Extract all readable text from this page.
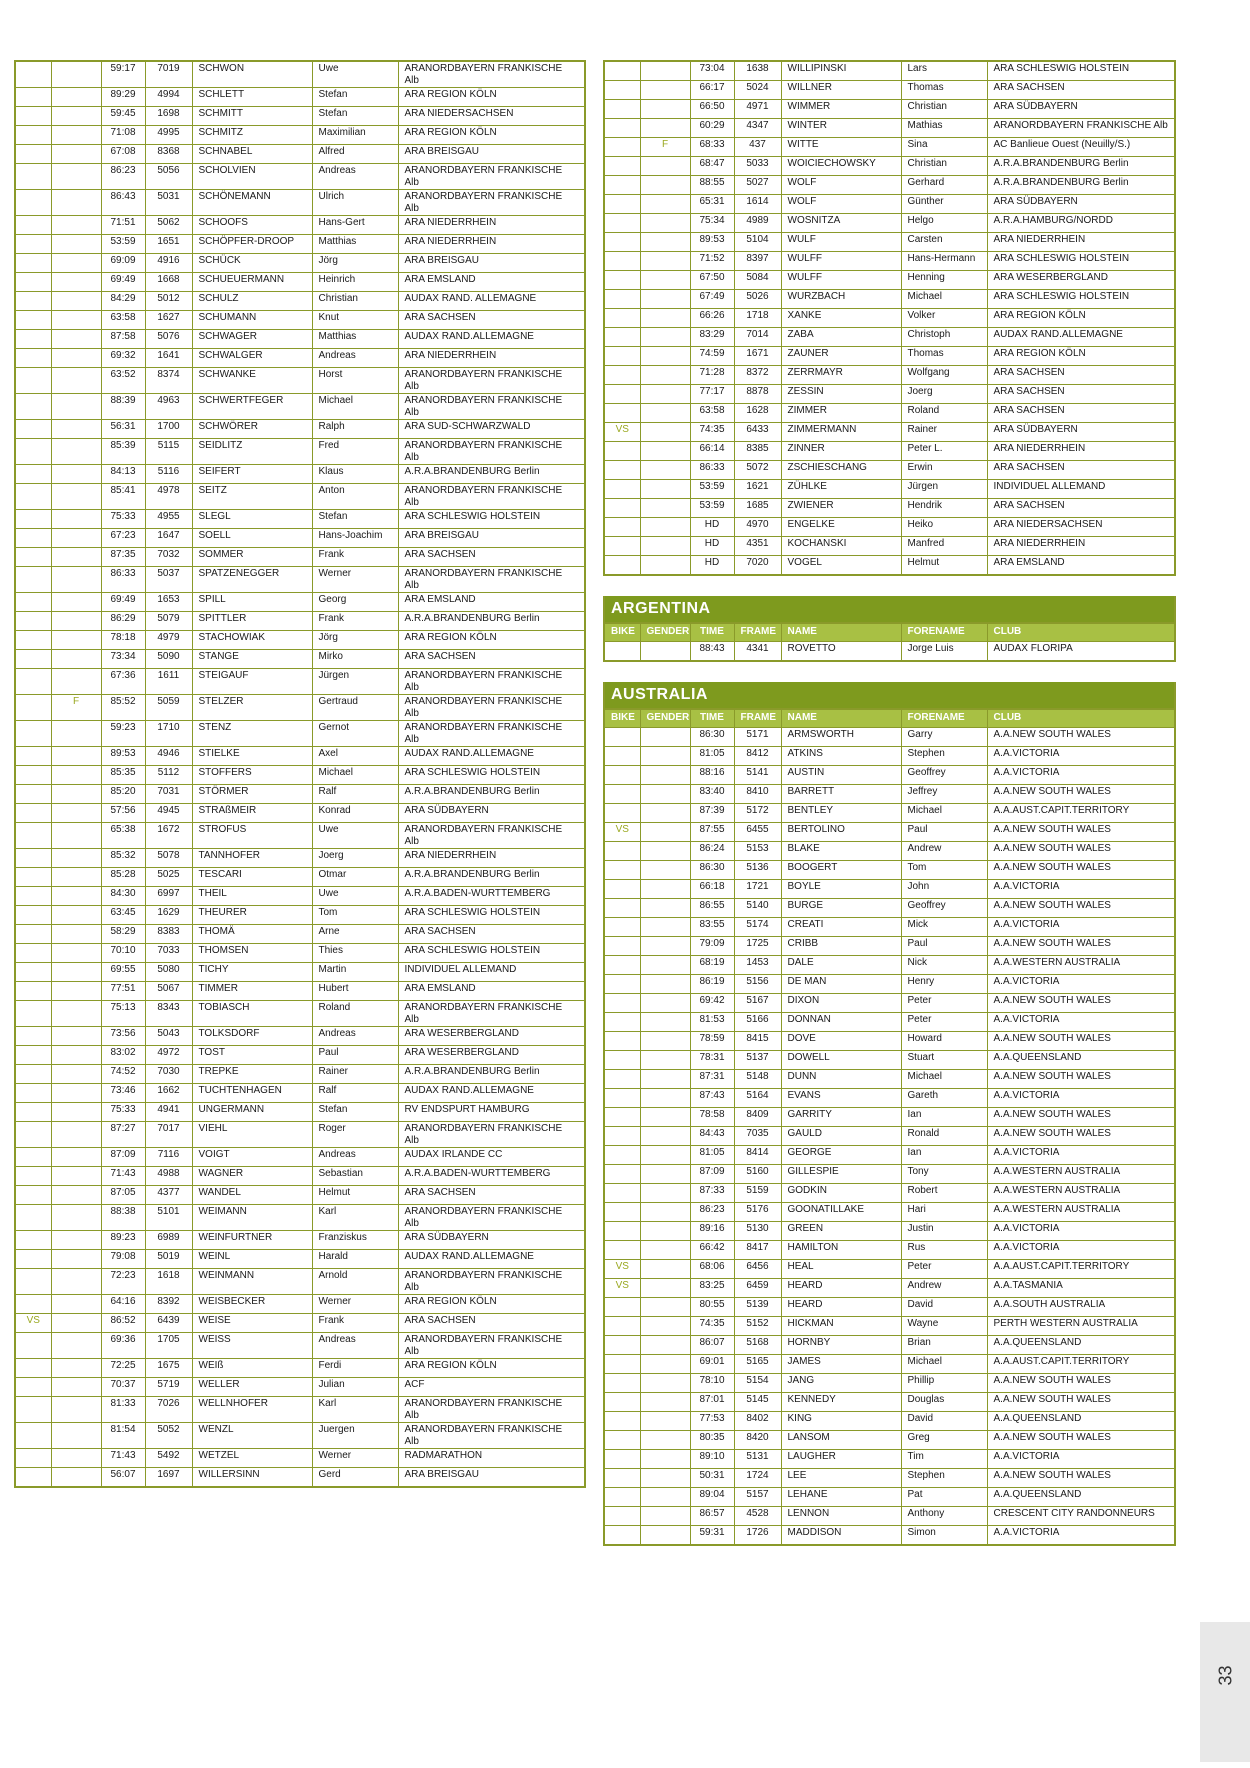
		59:17	7019	SCHWON	Uwe	ARANORDBAYERN FRANKISCHE Alb
		89:29	4994	SCHLETT	Stefan	ARA REGION KÖLN
		59:45	1698	SCHMITT	Stefan	ARA NIEDERSACHSEN
		71:08	4995	SCHMITZ	Maximilian	ARA REGION KÖLN
		67:08	8368	SCHNABEL	Alfred	ARA BREISGAU
		86:23	5056	SCHOLVIEN	Andreas	ARANORDBAYERN FRANKISCHE Alb
		86:43	5031	SCHÖNEMANN	Ulrich	ARANORDBAYERN FRANKISCHE Alb
		71:51	5062	SCHOOFS	Hans-Gert	ARA NIEDERRHEIN
		53:59	1651	SCHÖPFER-DROOP	Matthias	ARA NIEDERRHEIN
		69:09	4916	SCHÜCK	Jörg	ARA BREISGAU
		69:49	1668	SCHUEUERMANN	Heinrich	ARA EMSLAND
		84:29	5012	SCHULZ	Christian	AUDAX RAND. ALLEMAGNE
		63:58	1627	SCHUMANN	Knut	ARA SACHSEN
		87:58	5076	SCHWAGER	Matthias	AUDAX RAND.ALLEMAGNE
		69:32	1641	SCHWALGER	Andreas	ARA NIEDERRHEIN
		63:52	8374	SCHWANKE	Horst	ARANORDBAYERN FRANKISCHE Alb
		88:39	4963	SCHWERTFEGER	Michael	ARANORDBAYERN FRANKISCHE Alb
		56:31	1700	SCHWÖRER	Ralph	ARA SUD-SCHWARZWALD
		85:39	5115	SEIDLITZ	Fred	ARANORDBAYERN FRANKISCHE Alb
		84:13	5116	SEIFERT	Klaus	A.R.A.BRANDENBURG Berlin
		85:41	4978	SEITZ	Anton	ARANORDBAYERN FRANKISCHE Alb
		75:33	4955	SLEGL	Stefan	ARA SCHLESWIG HOLSTEIN
		67:23	1647	SOELL	Hans-Joachim	ARA BREISGAU
		87:35	7032	SOMMER	Frank	ARA SACHSEN
		86:33	5037	SPATZENEGGER	Werner	ARANORDBAYERN FRANKISCHE Alb
		69:49	1653	SPILL	Georg	ARA EMSLAND
		86:29	5079	SPITTLER	Frank	A.R.A.BRANDENBURG Berlin
		78:18	4979	STACHOWIAK	Jörg	ARA REGION KÖLN
		73:34	5090	STANGE	Mirko	ARA SACHSEN
		67:36	1611	STEIGAUF	Jürgen	ARANORDBAYERN FRANKISCHE Alb
	F	85:52	5059	STELZER	Gertraud	ARANORDBAYERN FRANKISCHE Alb
		59:23	1710	STENZ	Gernot	ARANORDBAYERN FRANKISCHE Alb
		89:53	4946	STIELKE	Axel	AUDAX RAND.ALLEMAGNE
		85:35	5112	STOFFERS	Michael	ARA SCHLESWIG HOLSTEIN
		85:20	7031	STÖRMER	Ralf	A.R.A.BRANDENBURG Berlin
		57:56	4945	STRAßMEIR	Konrad	ARA SÜDBAYERN
		65:38	1672	STROFUS	Uwe	ARANORDBAYERN FRANKISCHE Alb
		85:32	5078	TANNHOFER	Joerg	ARA NIEDERRHEIN
		85:28	5025	TESCARI	Otmar	A.R.A.BRANDENBURG Berlin
		84:30	6997	THEIL	Uwe	A.R.A.BADEN-WURTTEMBERG
		63:45	1629	THEURER	Tom	ARA SCHLESWIG HOLSTEIN
		58:29	8383	THOMÄ	Arne	ARA SACHSEN
		70:10	7033	THOMSEN	Thies	ARA SCHLESWIG HOLSTEIN
		69:55	5080	TICHY	Martin	INDIVIDUEL ALLEMAND
		77:51	5067	TIMMER	Hubert	ARA EMSLAND
		75:13	8343	TOBIASCH	Roland	ARANORDBAYERN FRANKISCHE Alb
		73:56	5043	TOLKSDORF	Andreas	ARA WESERBERGLAND
		83:02	4972	TOST	Paul	ARA WESERBERGLAND
		74:52	7030	TREPKE	Rainer	A.R.A.BRANDENBURG Berlin
		73:46	1662	TUCHTENHAGEN	Ralf	AUDAX RAND.ALLEMAGNE
		75:33	4941	UNGERMANN	Stefan	RV ENDSPURT HAMBURG
		87:27	7017	VIEHL	Roger	ARANORDBAYERN FRANKISCHE Alb
		87:09	7116	VOIGT	Andreas	AUDAX IRLANDE CC
		71:43	4988	WAGNER	Sebastian	A.R.A.BADEN-WURTTEMBERG
		87:05	4377	WANDEL	Helmut	ARA SACHSEN
		88:38	5101	WEIMANN	Karl	ARANORDBAYERN FRANKISCHE Alb
		89:23	6989	WEINFURTNER	Franziskus	ARA SÜDBAYERN
		79:08	5019	WEINL	Harald	AUDAX RAND.ALLEMAGNE
		72:23	1618	WEINMANN	Arnold	ARANORDBAYERN FRANKISCHE Alb
		64:16	8392	WEISBECKER	Werner	ARA REGION KÖLN
VS		86:52	6439	WEISE	Frank	ARA SACHSEN
		69:36	1705	WEISS	Andreas	ARANORDBAYERN FRANKISCHE Alb
		72:25	1675	WEIß	Ferdi	ARA REGION KÖLN
		70:37	5719	WELLER	Julian	ACF
		81:33	7026	WELLNHOFER	Karl	ARANORDBAYERN FRANKISCHE Alb
		81:54	5052	WENZL	Juergen	ARANORDBAYERN FRANKISCHE Alb
		71:43	5492	WETZEL	Werner	RADMARATHON
		56:07	1697	WILLERSINN	Gerd	ARA BREISGAU
		73:04	1638	WILLIPINSKI	Lars	ARA SCHLESWIG HOLSTEIN
		66:17	5024	WILLNER	Thomas	ARA SACHSEN
		66:50	4971	WIMMER	Christian	ARA SÜDBAYERN
		60:29	4347	WINTER	Mathias	ARANORDBAYERN FRANKISCHE Alb
	F	68:33	437	WITTE	Sina	AC Banlieue Ouest (Neuilly/S.)
		68:47	5033	WOICIECHOWSKY	Christian	A.R.A.BRANDENBURG Berlin
		88:55	5027	WOLF	Gerhard	A.R.A.BRANDENBURG Berlin
		65:31	1614	WOLF	Günther	ARA SÜDBAYERN
		75:34	4989	WOSNITZA	Helgo	A.R.A.HAMBURG/NORDD
		89:53	5104	WULF	Carsten	ARA NIEDERRHEIN
		71:52	8397	WULFF	Hans-Hermann	ARA SCHLESWIG HOLSTEIN
		67:50	5084	WULFF	Henning	ARA WESERBERGLAND
		67:49	5026	WURZBACH	Michael	ARA SCHLESWIG HOLSTEIN
		66:26	1718	XANKE	Volker	ARA REGION KÖLN
		83:29	7014	ZABA	Christoph	AUDAX RAND.ALLEMAGNE
		74:59	1671	ZAUNER	Thomas	ARA REGION KÖLN
		71:28	8372	ZERRMAYR	Wolfgang	ARA SACHSEN
		77:17	8878	ZESSIN	Joerg	ARA SACHSEN
		63:58	1628	ZIMMER	Roland	ARA SACHSEN
VS		74:35	6433	ZIMMERMANN	Rainer	ARA SÜDBAYERN
		66:14	8385	ZINNER	Peter L.	ARA NIEDERRHEIN
		86:33	5072	ZSCHIESCHANG	Erwin	ARA SACHSEN
		53:59	1621	ZÜHLKE	Jürgen	INDIVIDUEL ALLEMAND
		53:59	1685	ZWIENER	Hendrik	ARA SACHSEN
		HD	4970	ENGELKE	Heiko	ARA NIEDERSACHSEN
		HD	4351	KOCHANSKI	Manfred	ARA NIEDERRHEIN
		HD	7020	VOGEL	Helmut	ARA EMSLAND
ARGENTINA
BIKE	GENDER	TIME	FRAME	NAME	FORENAME	CLUB
		88:43	4341	ROVETTO	Jorge Luis	AUDAX FLORIPA
AUSTRALIA
BIKE	GENDER	TIME	FRAME	NAME	FORENAME	CLUB
		86:30	5171	ARMSWORTH	Garry	A.A.NEW SOUTH WALES
		81:05	8412	ATKINS	Stephen	A.A.VICTORIA
		88:16	5141	AUSTIN	Geoffrey	A.A.VICTORIA
		83:40	8410	BARRETT	Jeffrey	A.A.NEW SOUTH WALES
		87:39	5172	BENTLEY	Michael	A.A.AUST.CAPIT.TERRITORY
VS		87:55	6455	BERTOLINO	Paul	A.A.NEW SOUTH WALES
		86:24	5153	BLAKE	Andrew	A.A.NEW SOUTH WALES
		86:30	5136	BOOGERT	Tom	A.A.NEW SOUTH WALES
		66:18	1721	BOYLE	John	A.A.VICTORIA
		86:55	5140	BURGE	Geoffrey	A.A.NEW SOUTH WALES
		83:55	5174	CREATI	Mick	A.A.VICTORIA
		79:09	1725	CRIBB	Paul	A.A.NEW SOUTH WALES
		68:19	1453	DALE	Nick	A.A.WESTERN AUSTRALIA
		86:19	5156	DE MAN	Henry	A.A.VICTORIA
		69:42	5167	DIXON	Peter	A.A.NEW SOUTH WALES
		81:53	5166	DONNAN	Peter	A.A.VICTORIA
		78:59	8415	DOVE	Howard	A.A.NEW SOUTH WALES
		78:31	5137	DOWELL	Stuart	A.A.QUEENSLAND
		87:31	5148	DUNN	Michael	A.A.NEW SOUTH WALES
		87:43	5164	EVANS	Gareth	A.A.VICTORIA
		78:58	8409	GARRITY	Ian	A.A.NEW SOUTH WALES
		84:43	7035	GAULD	Ronald	A.A.NEW SOUTH WALES
		81:05	8414	GEORGE	Ian	A.A.VICTORIA
		87:09	5160	GILLESPIE	Tony	A.A.WESTERN AUSTRALIA
		87:33	5159	GODKIN	Robert	A.A.WESTERN AUSTRALIA
		86:23	5176	GOONATILLAKE	Hari	A.A.WESTERN AUSTRALIA
		89:16	5130	GREEN	Justin	A.A.VICTORIA
		66:42	8417	HAMILTON	Rus	A.A.VICTORIA
VS		68:06	6456	HEAL	Peter	A.A.AUST.CAPIT.TERRITORY
VS		83:25	6459	HEARD	Andrew	A.A.TASMANIA
		80:55	5139	HEARD	David	A.A.SOUTH AUSTRALIA
		74:35	5152	HICKMAN	Wayne	PERTH WESTERN AUSTRALIA
		86:07	5168	HORNBY	Brian	A.A.QUEENSLAND
		69:01	5165	JAMES	Michael	A.A.AUST.CAPIT.TERRITORY
		78:10	5154	JANG	Phillip	A.A.NEW SOUTH WALES
		87:01	5145	KENNEDY	Douglas	A.A.NEW SOUTH WALES
		77:53	8402	KING	David	A.A.QUEENSLAND
		80:35	8420	LANSOM	Greg	A.A.NEW SOUTH WALES
		89:10	5131	LAUGHER	Tim	A.A.VICTORIA
		50:31	1724	LEE	Stephen	A.A.NEW SOUTH WALES
		89:04	5157	LEHANE	Pat	A.A.QUEENSLAND
		86:57	4528	LENNON	Anthony	CRESCENT CITY RANDONNEURS
		59:31	1726	MADDISON	Simon	A.A.VICTORIA
33
